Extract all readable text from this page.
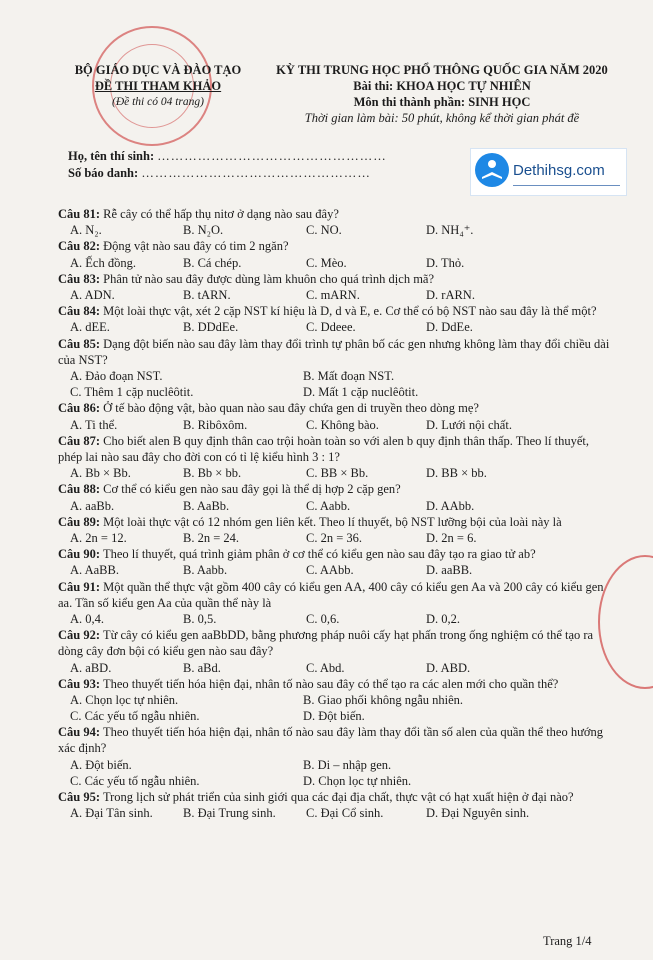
BỘ GIÁO DỤC VÀ ĐÀO TẠO
ĐỀ THI THAM KHẢO
(Đề thi có 04 trang)
KỲ THI TRUNG HỌC PHỔ THÔNG QUỐC GIA NĂM 2020
Bài thi: KHOA HỌC TỰ NHIÊN
Môn thi thành phần: SINH HỌC
Thời gian làm bài: 50 phút, không kể thời gian phát đề
Họ, tên thí sinh: ……………………………………………
Số báo danh: ……………………………………………	Dethihsg.com
Câu 81: Rễ cây có thể hấp thụ nitơ ở dạng nào sau đây?
A. N₂.	B. N₂O.	C. NO.	D. NH₄⁺.
Câu 82: Động vật nào sau đây có tim 2 ngăn?
A. Ếch đồng.	B. Cá chép.	C. Mèo.	D. Thỏ.
Câu 83: Phân tử nào sau đây được dùng làm khuôn cho quá trình dịch mã?
A. ADN.	B. tARN.	C. mARN.	D. rARN.
Câu 84: Một loài thực vật, xét 2 cặp NST kí hiệu là D, d và E, e. Cơ thể có bộ NST nào sau đây là thể một?
A. dEE.	B. DDdEe.	C. Ddeee.	D. DdEe.
Câu 85: Dạng đột biến nào sau đây làm thay đổi trình tự phân bố các gen nhưng không làm thay đổi chiều dài của NST?
A. Đảo đoạn NST.	B. Mất đoạn NST.
C. Thêm 1 cặp nuclêôtit.	D. Mất 1 cặp nuclêôtit.
Câu 86: Ở tế bào động vật, bào quan nào sau đây chứa gen di truyền theo dòng mẹ?
A. Ti thể.	B. Ribôxôm.	C. Không bào.	D. Lưới nội chất.
Câu 87: Cho biết alen B quy định thân cao trội hoàn toàn so với alen b quy định thân thấp. Theo lí thuyết, phép lai nào sau đây cho đời con có tỉ lệ kiểu hình 3 : 1?
A. Bb × Bb.	B. Bb × bb.	C. BB × Bb.	D. BB × bb.
Câu 88: Cơ thể có kiểu gen nào sau đây gọi là thể dị hợp 2 cặp gen?
A. aaBb.	B. AaBb.	C. Aabb.	D. AAbb.
Câu 89: Một loài thực vật có 12 nhóm gen liên kết. Theo lí thuyết, bộ NST lưỡng bội của loài này là
A. 2n = 12.	B. 2n = 24.	C. 2n = 36.	D. 2n = 6.
Câu 90: Theo lí thuyết, quá trình giảm phân ở cơ thể có kiểu gen nào sau đây tạo ra giao tử ab?
A. AaBB.	B. Aabb.	C. AAbb.	D. aaBB.
Câu 91: Một quần thể thực vật gồm 400 cây có kiểu gen AA, 400 cây có kiểu gen Aa và 200 cây có kiểu gen aa. Tần số kiểu gen Aa của quần thể này là
A. 0,4.	B. 0,5.	C. 0,6.	D. 0,2.
Câu 92: Từ cây có kiểu gen aaBbDD, bằng phương pháp nuôi cấy hạt phấn trong ống nghiệm có thể tạo ra dòng cây đơn bội có kiểu gen nào sau đây?
A. aBD.	B. aBd.	C. Abd.	D. ABD.
Câu 93: Theo thuyết tiến hóa hiện đại, nhân tố nào sau đây có thể tạo ra các alen mới cho quần thể?
A. Chọn lọc tự nhiên.	B. Giao phối không ngẫu nhiên.
C. Các yếu tố ngẫu nhiên.	D. Đột biến.
Câu 94: Theo thuyết tiến hóa hiện đại, nhân tố nào sau đây làm thay đổi tần số alen của quần thể theo hướng xác định?
A. Đột biến.	B. Di – nhập gen.
C. Các yếu tố ngẫu nhiên.	D. Chọn lọc tự nhiên.
Câu 95: Trong lịch sử phát triển của sinh giới qua các đại địa chất, thực vật có hạt xuất hiện ở đại nào?
A. Đại Tân sinh. B. Đại Trung sinh. C. Đại Cổ sinh.	D. Đại Nguyên sinh.
Trang 1/4
